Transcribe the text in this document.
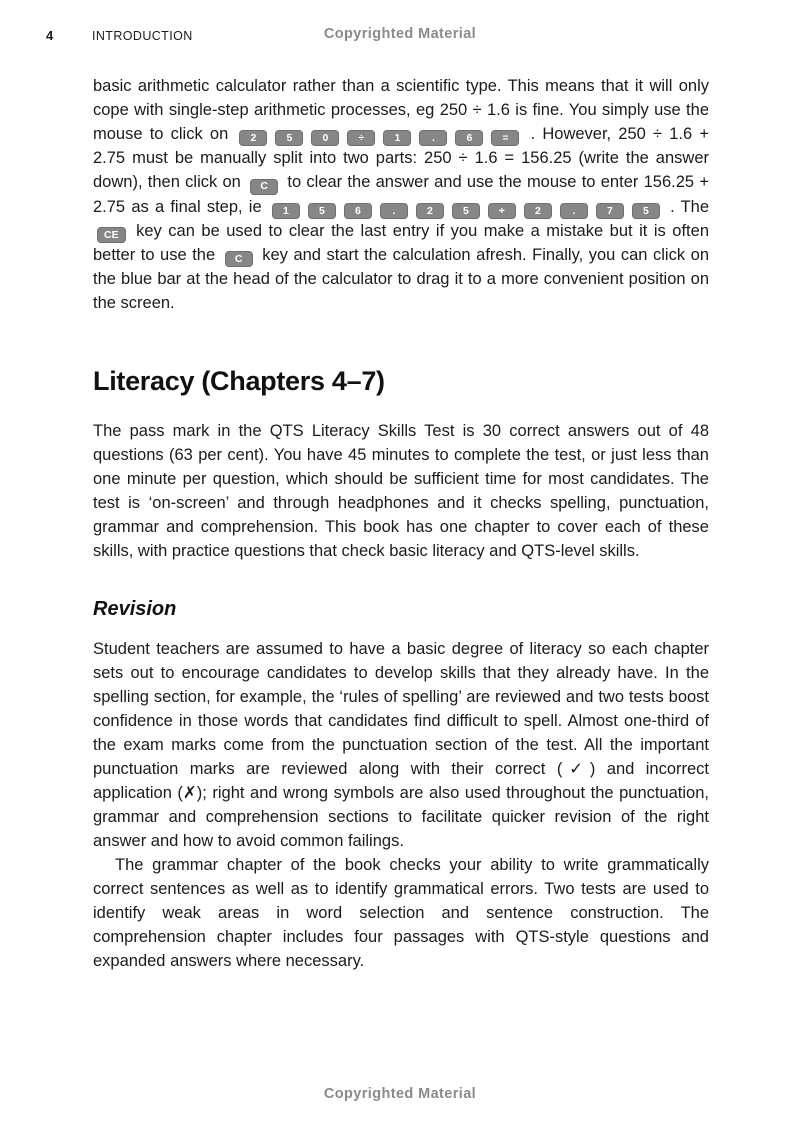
4	INTRODUCTION	Copyrighted Material

basic arithmetic calculator rather than a scientific type. This means that it will only cope with single-step arithmetic processes, eg 250 ÷ 1.6 is fine. You simply use the mouse to click on 2	5	0	÷	1	.	6	= . However, 250 ÷ 1.6 + 2.75 must be manually split into two parts: 250 ÷ 1.6 = 156.25 (write the answer down), then click on C to clear the answer and use the mouse to enter 156.25 + 2.75 as a final step, ie 1	5	6	.	2	5	+	2	.	7	5 . The CE key can be used to clear the last entry if you make a mistake but it is often better to use the C key and start the calculation afresh. Finally, you can click on the blue bar at the head of the calculator to drag it to a more convenient position on the screen.

Literacy (Chapters 4–7)

The pass mark in the QTS Literacy Skills Test is 30 correct answers out of 48 questions (63 per cent). You have 45 minutes to complete the test, or just less than one minute per question, which should be sufficient time for most candidates. The test is ‘on-screen’ and through headphones and it checks spelling, punctuation, grammar and comprehension. This book has one chapter to cover each of these skills, with practice questions that check basic literacy and QTS-level skills.

Revision

Student teachers are assumed to have a basic degree of literacy so each chapter sets out to encourage candidates to develop skills that they already have. In the spelling section, for example, the ‘rules of spelling’ are reviewed and two tests boost confidence in those words that candidates find difficult to spell. Almost one-third of the exam marks come from the punctuation section of the test. All the important punctuation marks are reviewed along with their correct (✓) and incorrect application (✗); right and wrong symbols are also used throughout the punctuation, grammar and comprehension sections to facilitate quicker revision of the right answer and how to avoid common failings.

The grammar chapter of the book checks your ability to write grammatically correct sentences as well as to identify grammatical errors. Two tests are used to identify weak areas in word selection and sentence construction. The comprehension chapter includes four passages with QTS-style questions and expanded answers where necessary.

Copyrighted Material
